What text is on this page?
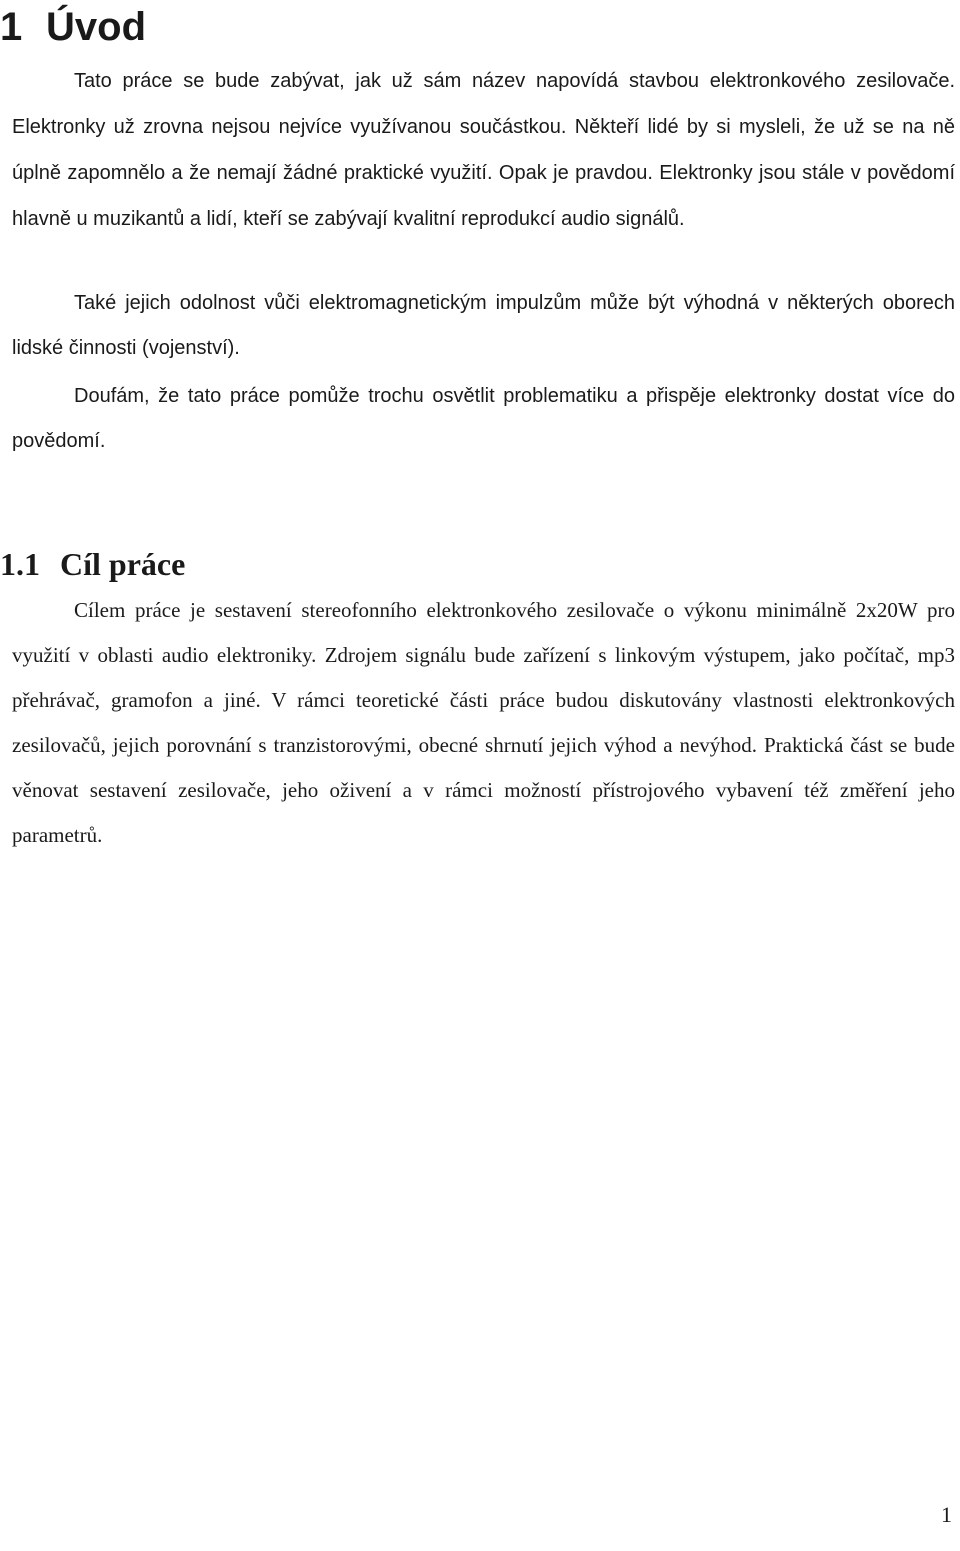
1 Úvod

Tato práce se bude zabývat, jak už sám název napovídá stavbou elektronkového zesilovače. Elektronky už zrovna nejsou nejvíce využívanou součástkou. Někteří lidé by si mysleli, že už se na ně úplně zapomnělo a že nemají žádné praktické využití. Opak je pravdou. Elektronky jsou stále v povědomí hlavně u muzikantů a lidí, kteří se zabývají kvalitní reprodukcí audio signálů.

Také jejich odolnost vůči elektromagnetickým impulzům může být výhodná v některých oborech lidské činnosti (vojenství).

Doufám, že tato práce pomůže trochu osvětlit problematiku a přispěje elektronky dostat více do povědomí.

1.1 Cíl práce

Cílem práce je sestavení stereofonního elektronkového zesilovače o výkonu minimálně 2x20W pro využití v oblasti audio elektroniky. Zdrojem signálu bude zařízení s linkovým výstupem, jako počítač, mp3 přehrávač, gramofon a jiné. V rámci teoretické části práce budou diskutovány vlastnosti elektronkových zesilovačů, jejich porovnání s tranzistorovými, obecné shrnutí jejich výhod a nevýhod. Praktická část se bude věnovat sestavení zesilovače, jeho oživení a v rámci možností přístrojového vybavení též změření jeho parametrů.

1
